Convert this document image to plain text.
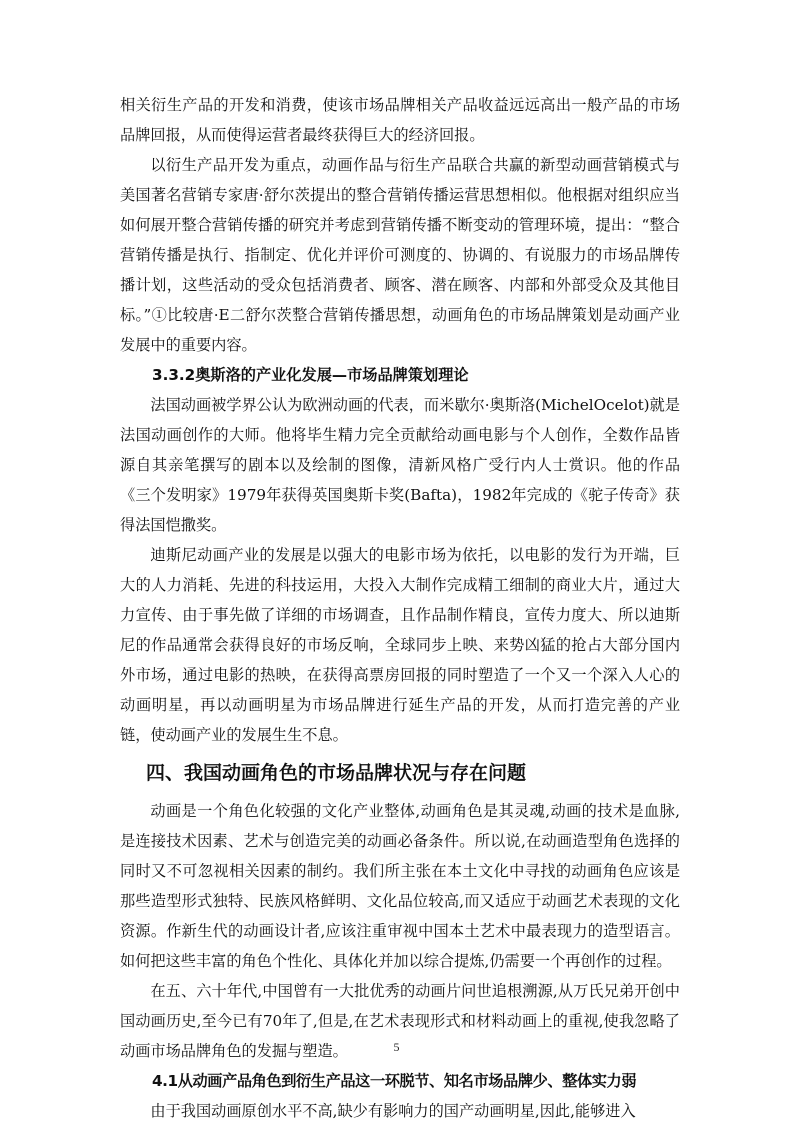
相关衍生产品的开发和消费，使该市场品牌相关产品收益远远高出一般产品的市场品牌回报，从而使得运营者最终获得巨大的经济回报。

以衍生产品开发为重点，动画作品与衍生产品联合共赢的新型动画营销模式与美国著名营销专家唐·舒尔茨提出的整合营销传播运营思想相似。他根据对组织应当如何展开整合营销传播的研究并考虑到营销传播不断变动的管理环境，提出：“整合营销传播是执行、指制定、优化并评价可测度的、协调的、有说服力的市场品牌传播计划，这些活动的受众包括消费者、顾客、潜在顾客、内部和外部受众及其他目标。”①比较唐·E二舒尔茨整合营销传播思想，动画角色的市场品牌策划是动画产业发展中的重要内容。

3.3.2奥斯洛的产业化发展—市场品牌策划理论

法国动画被学界公认为欧洲动画的代表，而米歇尔·奥斯洛(MichelOcelot)就是法国动画创作的大师。他将毕生精力完全贡献给动画电影与个人创作，全数作品皆源自其亲笔撰写的剧本以及绘制的图像，清新风格广受行内人士赏识。他的作品《三个发明家》1979年获得英国奥斯卡奖(Bafta)，1982年完成的《驼子传奇》获得法国恺撒奖。

迪斯尼动画产业的发展是以强大的电影市场为依托，以电影的发行为开端，巨大的人力消耗、先进的科技运用，大投入大制作完成精工细制的商业大片，通过大力宣传、由于事先做了详细的市场调查，且作品制作精良，宣传力度大、所以迪斯尼的作品通常会获得良好的市场反响，全球同步上映、来势凶猛的抢占大部分国内外市场，通过电影的热映，在获得高票房回报的同时塑造了一个又一个深入人心的动画明星，再以动画明星为市场品牌进行延生产品的开发，从而打造完善的产业链，使动画产业的发展生生不息。

四、我国动画角色的市场品牌状况与存在问题

动画是一个角色化较强的文化产业整体,动画角色是其灵魂,动画的技术是血脉,是连接技术因素、艺术与创造完美的动画必备条件。所以说,在动画造型角色选择的同时又不可忽视相关因素的制约。我们所主张在本土文化中寻找的动画角色应该是那些造型形式独特、民族风格鲜明、文化品位较高,而又适应于动画艺术表现的文化资源。作新生代的动画设计者,应该注重审视中国本土艺术中最表现力的造型语言。如何把这些丰富的角色个性化、具体化并加以综合提炼,仍需要一个再创作的过程。

在五、六十年代,中国曾有一大批优秀的动画片问世追根溯源,从万氏兄弟开创中国动画历史,至今已有70年了,但是,在艺术表现形式和材料动画上的重视,使我忽略了动画市场品牌角色的发掘与塑造。

4.1从动画产品角色到衍生产品这一环脱节、知名市场品牌少、整体实力弱

由于我国动画原创水平不高,缺少有影响力的国产动画明星,因此,能够进入

5
